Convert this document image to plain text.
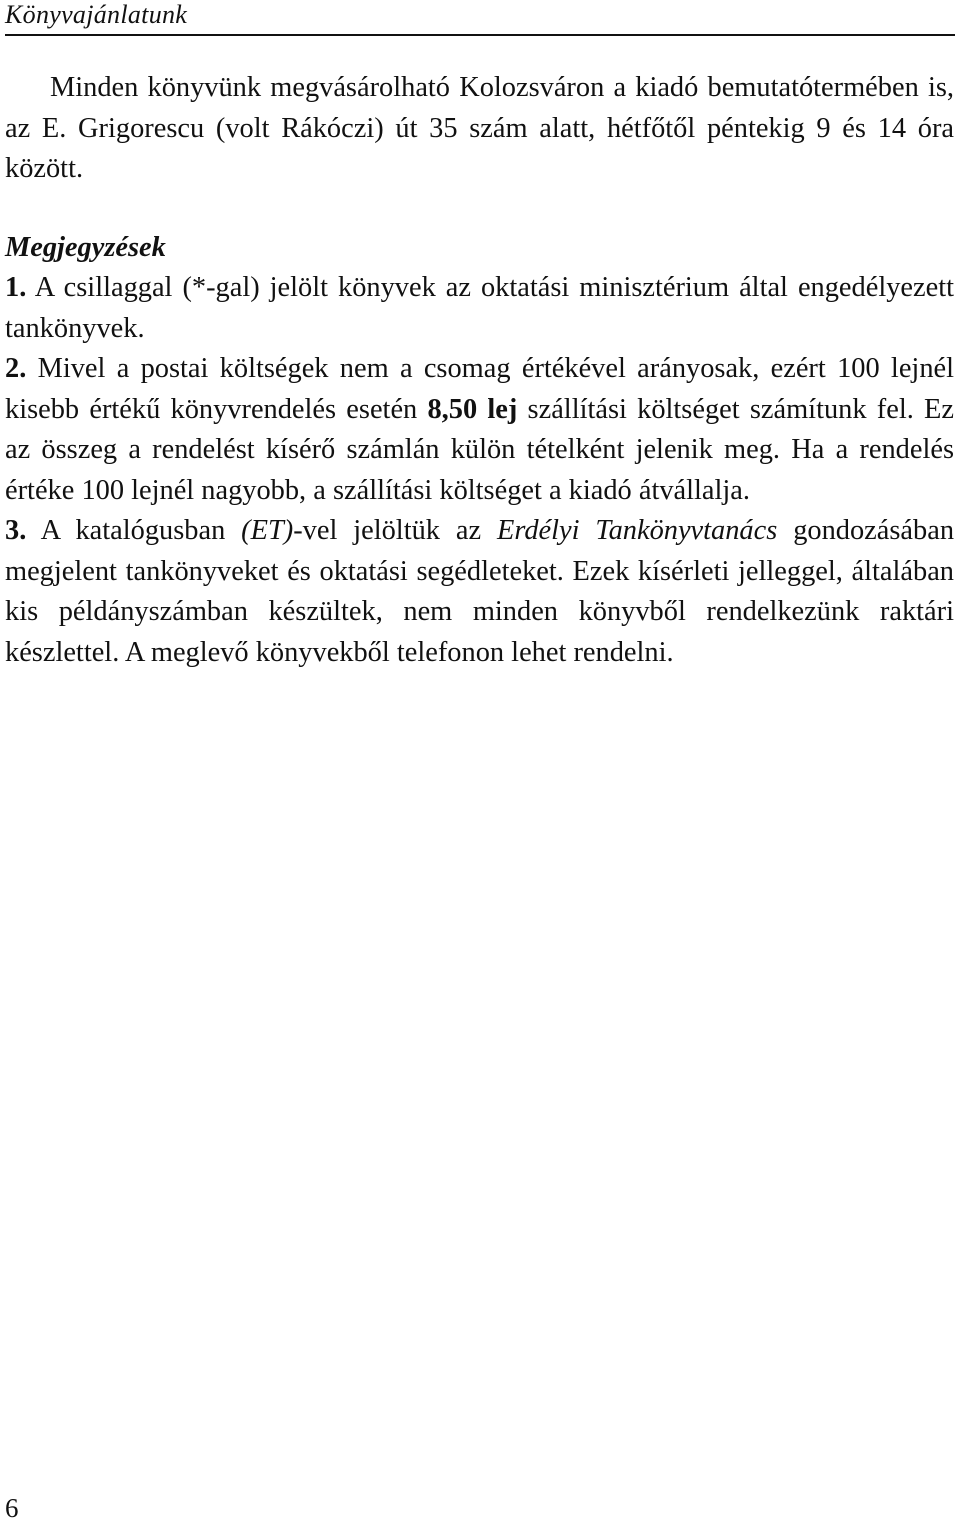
Könyvajánlatunk

Minden könyvünk megvásárolható Kolozsváron a kiadó bemutatótermében is, az E. Grigorescu (volt Rákóczi) út 35 szám alatt, hétfőtől péntekig 9 és 14 óra között.

Megjegyzések

1. A csillaggal (*-gal) jelölt könyvek az oktatási minisztérium által engedélyezett tankönyvek.

2. Mivel a postai költségek nem a csomag értékével arányosak, ezért 100 lejnél kisebb értékű könyvrendelés esetén 8,50 lej szállítási költséget számítunk fel. Ez az összeg a rendelést kísérő számlán külön tételként jelenik meg. Ha a rendelés értéke 100 lejnél nagyobb, a szállítási költséget a kiadó átvállalja.

3. A katalógusban (ET)-vel jelöltük az Erdélyi Tankönyvtanács gondozásában megjelent tankönyveket és oktatási segédleteket. Ezek kísérleti jelleggel, általában kis példányszámban készültek, nem minden könyvből rendelkezünk raktári készlettel. A meglevő könyvekből telefonon lehet rendelni.

6
